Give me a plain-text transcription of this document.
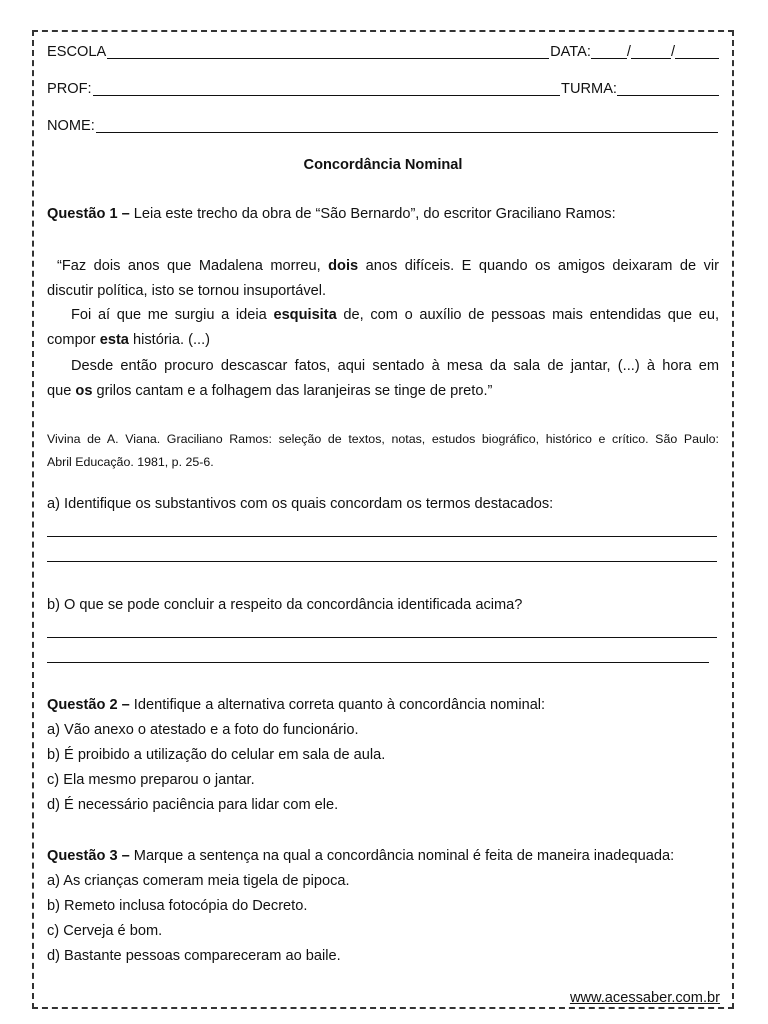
ESCOLA	DATA: /	/
PROF:	TURMA:
NOME:
Concordância Nominal
Questão 1 – Leia este trecho da obra de “São Bernardo”, do escritor Graciliano Ramos:
“Faz dois anos que Madalena morreu, dois anos difíceis. E quando os amigos deixaram de vir
discutir política, isto se tornou insuportável.
Foi aí que me surgiu a ideia esquisita de, com o auxílio de pessoas mais entendidas que eu,
compor esta história. (...)
Desde então procuro descascar fatos, aqui sentado à mesa da sala de jantar, (...) à hora em
que os grilos cantam e a folhagem das laranjeiras se tinge de preto.”
Vivina de A. Viana. Graciliano Ramos: seleção de textos, notas, estudos biográfico, histórico e crítico. São Paulo:
Abril Educação. 1981, p. 25-6.
a) Identifique os substantivos com os quais concordam os termos destacados:
b) O que se pode concluir a respeito da concordância identificada acima?
Questão 2 – Identifique a alternativa correta quanto à concordância nominal:
a) Vão anexo o atestado e a foto do funcionário.
b) É proibido a utilização do celular em sala de aula.
c) Ela mesmo preparou o jantar.
d) É necessário paciência para lidar com ele.
Questão 3 – Marque a sentença na qual a concordância nominal é feita de maneira inadequada:
a) As crianças comeram meia tigela de pipoca.
b) Remeto inclusa fotocópia do Decreto.
c) Cerveja é bom.
d) Bastante pessoas compareceram ao baile.
www.acessaber.com.br
